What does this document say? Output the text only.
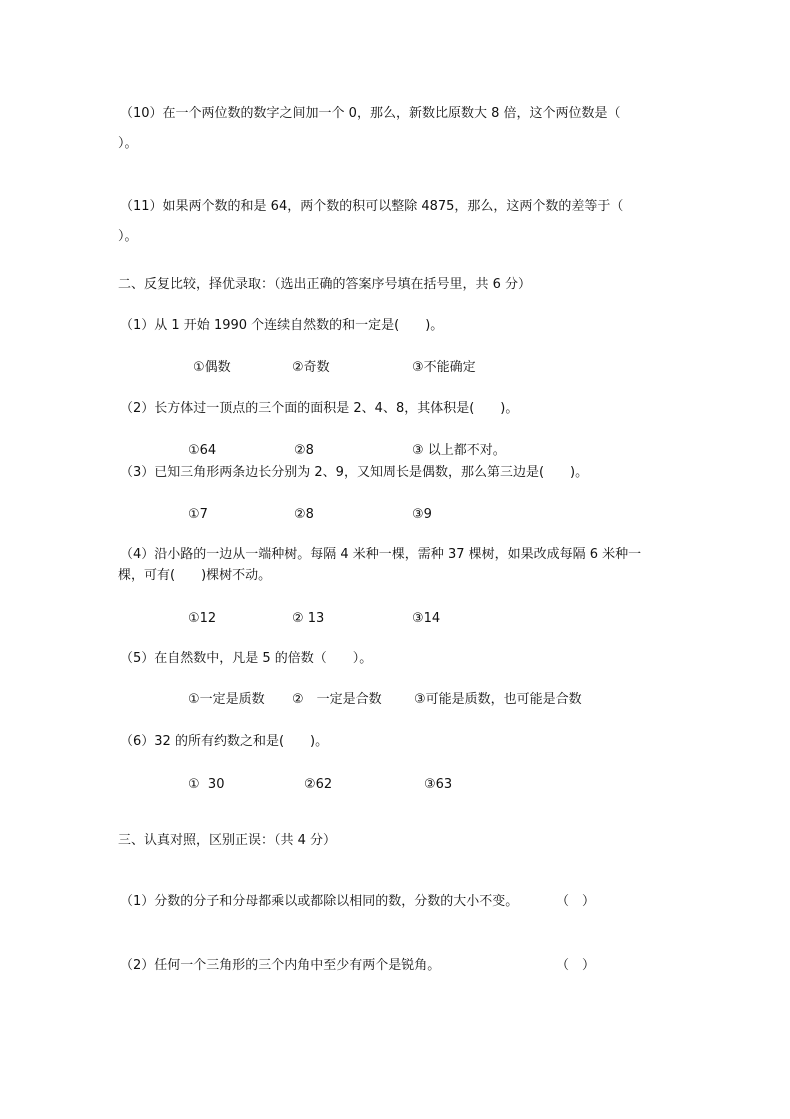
（10）在一个两位数的数字之间加一个 0，那么，新数比原数大 8 倍，这个两位数是（
）。
（11）如果两个数的和是 64，两个数的积可以整除 4875，那么，这两个数的差等于（
）。
二、反复比较，择优录取：（选出正确的答案序号填在括号里，共 6 分）
（1）从 1 开始 1990 个连续自然数的和一定是(　　)。
①偶数	②奇数	③不能确定
（2）长方体过一顶点的三个面的面积是 2、4、8，其体积是(　　)。
①64	②8	③ 以上都不对。
（3）已知三角形两条边长分别为 2、9，又知周长是偶数，那么第三边是(　　)。
①7	②8	③9
（4）沿小路的一边从一端种树。每隔 4 米种一棵，需种 37 棵树，如果改成每隔 6 米种一
棵，可有(　　)棵树不动。
①12	② 13	③14
（5）在自然数中，凡是 5 的倍数（　　）。
①一定是质数 ②　一定是合数 ③可能是质数，也可能是合数
（6）32 的所有约数之和是(　　)。
①  30	②62	③63
三、认真对照，区别正误：（共 4 分）
（1）分数的分子和分母都乘以或都除以相同的数，分数的大小不变。	（　）
（2）任何一个三角形的三个内角中至少有两个是锐角。	（　）
